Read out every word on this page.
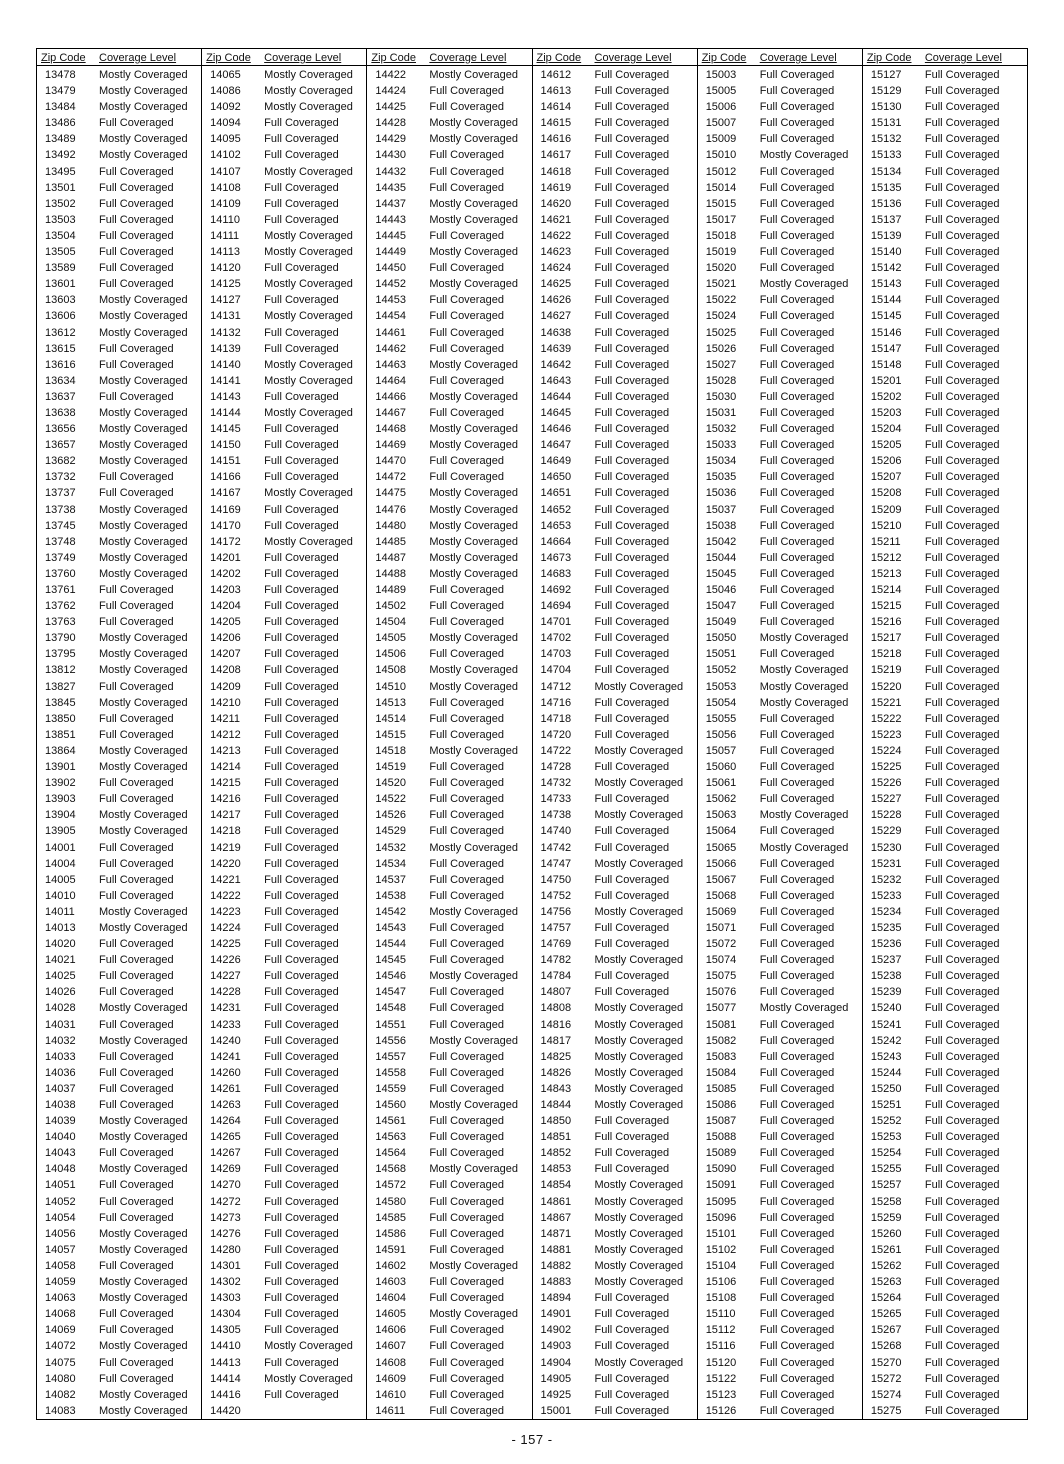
Zip Code	Coverage Level
13478	Mostly Coveraged
13479	Mostly Coveraged
13484	Mostly Coveraged
13486	Full Coveraged
13489	Mostly Coveraged
13492	Mostly Coveraged
13495	Full Coveraged
13501	Full Coveraged
13502	Full Coveraged
13503	Full Coveraged
13504	Full Coveraged
13505	Full Coveraged
13589	Full Coveraged
13601	Full Coveraged
13603	Mostly Coveraged
13606	Mostly Coveraged
13612	Mostly Coveraged
13615	Full Coveraged
13616	Full Coveraged
13634	Mostly Coveraged
13637	Full Coveraged
13638	Mostly Coveraged
13656	Mostly Coveraged
13657	Mostly Coveraged
13682	Mostly Coveraged
13732	Full Coveraged
13737	Full Coveraged
13738	Mostly Coveraged
13745	Mostly Coveraged
13748	Mostly Coveraged
13749	Mostly Coveraged
13760	Mostly Coveraged
13761	Full Coveraged
13762	Full Coveraged
13763	Full Coveraged
13790	Mostly Coveraged
13795	Mostly Coveraged
13812	Mostly Coveraged
13827	Full Coveraged
13845	Mostly Coveraged
13850	Full Coveraged
13851	Full Coveraged
13864	Mostly Coveraged
13901	Mostly Coveraged
13902	Full Coveraged
13903	Full Coveraged
13904	Mostly Coveraged
13905	Mostly Coveraged
14001	Full Coveraged
14004	Full Coveraged
14005	Full Coveraged
14010	Full Coveraged
14011	Mostly Coveraged
14013	Mostly Coveraged
14020	Full Coveraged
14021	Full Coveraged
14025	Full Coveraged
14026	Full Coveraged
14028	Mostly Coveraged
14031	Full Coveraged
14032	Mostly Coveraged
14033	Full Coveraged
14036	Full Coveraged
14037	Full Coveraged
14038	Full Coveraged
14039	Mostly Coveraged
14040	Mostly Coveraged
14043	Full Coveraged
14048	Mostly Coveraged
14051	Full Coveraged
14052	Full Coveraged
14054	Full Coveraged
14056	Mostly Coveraged
14057	Mostly Coveraged
14058	Full Coveraged
14059	Mostly Coveraged
14063	Mostly Coveraged
14068	Full Coveraged
14069	Full Coveraged
14072	Mostly Coveraged
14075	Full Coveraged
14080	Full Coveraged
14082	Mostly Coveraged
14083	Mostly Coveraged
Zip Code	Coverage Level
14065	Mostly Coveraged
14086	Mostly Coveraged
14092	Mostly Coveraged
14094	Full Coveraged
14095	Full Coveraged
14102	Full Coveraged
14107	Mostly Coveraged
14108	Full Coveraged
14109	Full Coveraged
14110	Full Coveraged
14111	Mostly Coveraged
14113	Mostly Coveraged
14120	Full Coveraged
14125	Mostly Coveraged
14127	Full Coveraged
14131	Mostly Coveraged
14132	Full Coveraged
14139	Full Coveraged
14140	Mostly Coveraged
14141	Mostly Coveraged
14143	Full Coveraged
14144	Mostly Coveraged
14145	Full Coveraged
14150	Full Coveraged
14151	Full Coveraged
14166	Full Coveraged
14167	Mostly Coveraged
14169	Full Coveraged
14170	Full Coveraged
14172	Mostly Coveraged
14201	Full Coveraged
14202	Full Coveraged
14203	Full Coveraged
14204	Full Coveraged
14205	Full Coveraged
14206	Full Coveraged
14207	Full Coveraged
14208	Full Coveraged
14209	Full Coveraged
14210	Full Coveraged
14211	Full Coveraged
14212	Full Coveraged
14213	Full Coveraged
14214	Full Coveraged
14215	Full Coveraged
14216	Full Coveraged
14217	Full Coveraged
14218	Full Coveraged
14219	Full Coveraged
14220	Full Coveraged
14221	Full Coveraged
14222	Full Coveraged
14223	Full Coveraged
14224	Full Coveraged
14225	Full Coveraged
14226	Full Coveraged
14227	Full Coveraged
14228	Full Coveraged
14231	Full Coveraged
14233	Full Coveraged
14240	Full Coveraged
14241	Full Coveraged
14260	Full Coveraged
14261	Full Coveraged
14263	Full Coveraged
14264	Full Coveraged
14265	Full Coveraged
14267	Full Coveraged
14269	Full Coveraged
14270	Full Coveraged
14272	Full Coveraged
14273	Full Coveraged
14276	Full Coveraged
14280	Full Coveraged
14301	Full Coveraged
14302	Full Coveraged
14303	Full Coveraged
14304	Full Coveraged
14305	Full Coveraged
14410	Mostly Coveraged
14413	Full Coveraged
14414	Mostly Coveraged
14416	Full Coveraged
14420
Zip Code	Coverage Level
14422	Mostly Coveraged
14424	Full Coveraged
14425	Full Coveraged
14428	Mostly Coveraged
14429	Mostly Coveraged
14430	Full Coveraged
14432	Full Coveraged
14435	Full Coveraged
14437	Mostly Coveraged
14443	Mostly Coveraged
14445	Full Coveraged
14449	Mostly Coveraged
14450	Full Coveraged
14452	Mostly Coveraged
14453	Full Coveraged
14454	Full Coveraged
14461	Full Coveraged
14462	Full Coveraged
14463	Mostly Coveraged
14464	Full Coveraged
14466	Mostly Coveraged
14467	Full Coveraged
14468	Mostly Coveraged
14469	Mostly Coveraged
14470	Full Coveraged
14472	Full Coveraged
14475	Mostly Coveraged
14476	Mostly Coveraged
14480	Mostly Coveraged
14485	Mostly Coveraged
14487	Mostly Coveraged
14488	Mostly Coveraged
14489	Full Coveraged
14502	Full Coveraged
14504	Full Coveraged
14505	Mostly Coveraged
14506	Full Coveraged
14508	Mostly Coveraged
14510	Mostly Coveraged
14513	Full Coveraged
14514	Full Coveraged
14515	Full Coveraged
14518	Mostly Coveraged
14519	Full Coveraged
14520	Full Coveraged
14522	Full Coveraged
14526	Full Coveraged
14529	Full Coveraged
14532	Mostly Coveraged
14534	Full Coveraged
14537	Full Coveraged
14538	Full Coveraged
14542	Mostly Coveraged
14543	Full Coveraged
14544	Full Coveraged
14545	Full Coveraged
14546	Mostly Coveraged
14547	Full Coveraged
14548	Full Coveraged
14551	Full Coveraged
14556	Mostly Coveraged
14557	Full Coveraged
14558	Full Coveraged
14559	Full Coveraged
14560	Mostly Coveraged
14561	Full Coveraged
14563	Full Coveraged
14564	Full Coveraged
14568	Mostly Coveraged
14572	Full Coveraged
14580	Full Coveraged
14585	Full Coveraged
14586	Full Coveraged
14591	Full Coveraged
14602	Mostly Coveraged
14603	Full Coveraged
14604	Full Coveraged
14605	Mostly Coveraged
14606	Full Coveraged
14607	Full Coveraged
14608	Full Coveraged
14609	Full Coveraged
14610	Full Coveraged
14611	Full Coveraged
Zip Code	Coverage Level
14612	Full Coveraged
14613	Full Coveraged
14614	Full Coveraged
14615	Full Coveraged
14616	Full Coveraged
14617	Full Coveraged
14618	Full Coveraged
14619	Full Coveraged
14620	Full Coveraged
14621	Full Coveraged
14622	Full Coveraged
14623	Full Coveraged
14624	Full Coveraged
14625	Full Coveraged
14626	Full Coveraged
14627	Full Coveraged
14638	Full Coveraged
14639	Full Coveraged
14642	Full Coveraged
14643	Full Coveraged
14644	Full Coveraged
14645	Full Coveraged
14646	Full Coveraged
14647	Full Coveraged
14649	Full Coveraged
14650	Full Coveraged
14651	Full Coveraged
14652	Full Coveraged
14653	Full Coveraged
14664	Full Coveraged
14673	Full Coveraged
14683	Full Coveraged
14692	Full Coveraged
14694	Full Coveraged
14701	Full Coveraged
14702	Full Coveraged
14703	Full Coveraged
14704	Full Coveraged
14712	Mostly Coveraged
14716	Full Coveraged
14718	Full Coveraged
14720	Full Coveraged
14722	Mostly Coveraged
14728	Full Coveraged
14732	Mostly Coveraged
14733	Full Coveraged
14738	Mostly Coveraged
14740	Full Coveraged
14742	Full Coveraged
14747	Mostly Coveraged
14750	Full Coveraged
14752	Full Coveraged
14756	Mostly Coveraged
14757	Full Coveraged
14769	Full Coveraged
14782	Mostly Coveraged
14784	Full Coveraged
14807	Full Coveraged
14808	Mostly Coveraged
14816	Mostly Coveraged
14817	Mostly Coveraged
14825	Mostly Coveraged
14826	Mostly Coveraged
14843	Mostly Coveraged
14844	Mostly Coveraged
14850	Full Coveraged
14851	Full Coveraged
14852	Full Coveraged
14853	Full Coveraged
14854	Mostly Coveraged
14861	Mostly Coveraged
14867	Mostly Coveraged
14871	Mostly Coveraged
14881	Mostly Coveraged
14882	Mostly Coveraged
14883	Mostly Coveraged
14894	Full Coveraged
14901	Full Coveraged
14902	Full Coveraged
14903	Full Coveraged
14904	Mostly Coveraged
14905	Full Coveraged
14925	Full Coveraged
15001	Full Coveraged
Zip Code	Coverage Level
15003	Full Coveraged
15005	Full Coveraged
15006	Full Coveraged
15007	Full Coveraged
15009	Full Coveraged
15010	Mostly Coveraged
15012	Full Coveraged
15014	Full Coveraged
15015	Full Coveraged
15017	Full Coveraged
15018	Full Coveraged
15019	Full Coveraged
15020	Full Coveraged
15021	Mostly Coveraged
15022	Full Coveraged
15024	Full Coveraged
15025	Full Coveraged
15026	Full Coveraged
15027	Full Coveraged
15028	Full Coveraged
15030	Full Coveraged
15031	Full Coveraged
15032	Full Coveraged
15033	Full Coveraged
15034	Full Coveraged
15035	Full Coveraged
15036	Full Coveraged
15037	Full Coveraged
15038	Full Coveraged
15042	Full Coveraged
15044	Full Coveraged
15045	Full Coveraged
15046	Full Coveraged
15047	Full Coveraged
15049	Full Coveraged
15050	Mostly Coveraged
15051	Full Coveraged
15052	Mostly Coveraged
15053	Mostly Coveraged
15054	Mostly Coveraged
15055	Full Coveraged
15056	Full Coveraged
15057	Full Coveraged
15060	Full Coveraged
15061	Full Coveraged
15062	Full Coveraged
15063	Mostly Coveraged
15064	Full Coveraged
15065	Mostly Coveraged
15066	Full Coveraged
15067	Full Coveraged
15068	Full Coveraged
15069	Full Coveraged
15071	Full Coveraged
15072	Full Coveraged
15074	Full Coveraged
15075	Full Coveraged
15076	Full Coveraged
15077	Mostly Coveraged
15081	Full Coveraged
15082	Full Coveraged
15083	Full Coveraged
15084	Full Coveraged
15085	Full Coveraged
15086	Full Coveraged
15087	Full Coveraged
15088	Full Coveraged
15089	Full Coveraged
15090	Full Coveraged
15091	Full Coveraged
15095	Full Coveraged
15096	Full Coveraged
15101	Full Coveraged
15102	Full Coveraged
15104	Full Coveraged
15106	Full Coveraged
15108	Full Coveraged
15110	Full Coveraged
15112	Full Coveraged
15116	Full Coveraged
15120	Full Coveraged
15122	Full Coveraged
15123	Full Coveraged
15126	Full Coveraged
Zip Code	Coverage Level
15127	Full Coveraged
15129	Full Coveraged
15130	Full Coveraged
15131	Full Coveraged
15132	Full Coveraged
15133	Full Coveraged
15134	Full Coveraged
15135	Full Coveraged
15136	Full Coveraged
15137	Full Coveraged
15139	Full Coveraged
15140	Full Coveraged
15142	Full Coveraged
15143	Full Coveraged
15144	Full Coveraged
15145	Full Coveraged
15146	Full Coveraged
15147	Full Coveraged
15148	Full Coveraged
15201	Full Coveraged
15202	Full Coveraged
15203	Full Coveraged
15204	Full Coveraged
15205	Full Coveraged
15206	Full Coveraged
15207	Full Coveraged
15208	Full Coveraged
15209	Full Coveraged
15210	Full Coveraged
15211	Full Coveraged
15212	Full Coveraged
15213	Full Coveraged
15214	Full Coveraged
15215	Full Coveraged
15216	Full Coveraged
15217	Full Coveraged
15218	Full Coveraged
15219	Full Coveraged
15220	Full Coveraged
15221	Full Coveraged
15222	Full Coveraged
15223	Full Coveraged
15224	Full Coveraged
15225	Full Coveraged
15226	Full Coveraged
15227	Full Coveraged
15228	Full Coveraged
15229	Full Coveraged
15230	Full Coveraged
15231	Full Coveraged
15232	Full Coveraged
15233	Full Coveraged
15234	Full Coveraged
15235	Full Coveraged
15236	Full Coveraged
15237	Full Coveraged
15238	Full Coveraged
15239	Full Coveraged
15240	Full Coveraged
15241	Full Coveraged
15242	Full Coveraged
15243	Full Coveraged
15244	Full Coveraged
15250	Full Coveraged
15251	Full Coveraged
15252	Full Coveraged
15253	Full Coveraged
15254	Full Coveraged
15255	Full Coveraged
15257	Full Coveraged
15258	Full Coveraged
15259	Full Coveraged
15260	Full Coveraged
15261	Full Coveraged
15262	Full Coveraged
15263	Full Coveraged
15264	Full Coveraged
15265	Full Coveraged
15267	Full Coveraged
15268	Full Coveraged
15270	Full Coveraged
15272	Full Coveraged
15274	Full Coveraged
15275	Full Coveraged
- 157 -
